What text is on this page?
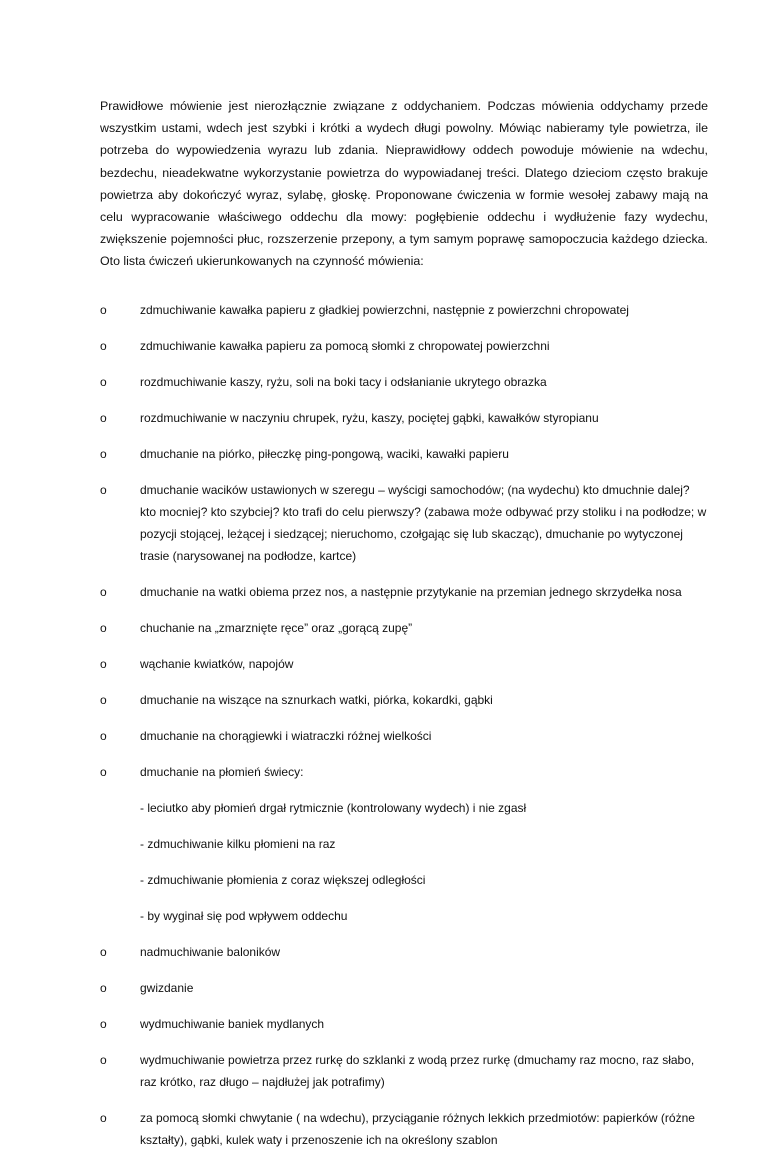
Prawidłowe mówienie jest nierozłącznie związane z oddychaniem. Podczas mówienia oddychamy przede wszystkim ustami, wdech jest szybki i krótki a wydech długi powolny. Mówiąc nabieramy tyle powietrza, ile potrzeba do wypowiedzenia wyrazu lub zdania. Nieprawidłowy oddech powoduje mówienie na wdechu, bezdechu, nieadekwatne wykorzystanie powietrza do wypowiadanej treści. Dlatego dzieciom często brakuje powietrza aby dokończyć wyraz, sylabę, głoskę. Proponowane ćwiczenia w formie wesołej zabawy mają na celu wypracowanie właściwego oddechu dla mowy: pogłębienie oddechu i wydłużenie fazy wydechu, zwiększenie pojemności płuc, rozszerzenie przepony, a tym samym poprawę samopoczucia każdego dziecka. Oto lista ćwiczeń ukierunkowanych na czynność mówienia:

o	zdmuchiwanie kawałka papieru z gładkiej powierzchni, następnie z powierzchni chropowatej
o	zdmuchiwanie kawałka papieru za pomocą słomki z chropowatej powierzchni
o	rozdmuchiwanie kaszy, ryżu, soli na boki tacy i odsłanianie ukrytego obrazka
o	rozdmuchiwanie w naczyniu chrupek, ryżu, kaszy, pociętej gąbki, kawałków styropianu
o	dmuchanie na piórko, piłeczkę ping-pongową, waciki, kawałki papieru
o	dmuchanie wacików ustawionych w szeregu – wyścigi samochodów; (na wydechu) kto dmuchnie dalej? kto mocniej? kto szybciej? kto trafi do celu pierwszy? (zabawa może odbywać przy stoliku i na podłodze; w pozycji stojącej, leżącej i siedzącej; nieruchomo, czołgając się lub skacząc), dmuchanie po wytyczonej trasie (narysowanej na podłodze, kartce)
o	dmuchanie na watki obiema przez nos, a następnie przytykanie na przemian jednego skrzydełka nosa
o	chuchanie na „zmarznięte ręce” oraz „gorącą zupę”
o	wąchanie kwiatków, napojów
o	dmuchanie na wiszące na sznurkach watki, piórka, kokardki, gąbki
o	dmuchanie na chorągiewki i wiatraczki różnej wielkości
o	dmuchanie na płomień świecy:
- leciutko aby płomień drgał rytmicznie (kontrolowany wydech) i nie zgasł
- zdmuchiwanie kilku płomieni na raz
- zdmuchiwanie płomienia z coraz większej odległości
- by wyginał się pod wpływem oddechu
o	nadmuchiwanie baloników
o	gwizdanie
o	wydmuchiwanie baniek mydlanych
o	wydmuchiwanie powietrza przez rurkę do szklanki z wodą przez rurkę (dmuchamy raz mocno, raz słabo, raz krótko, raz długo – najdłużej jak potrafimy)
o	za pomocą słomki chwytanie ( na wdechu), przyciąganie różnych lekkich przedmiotów: papierków (różne kształty), gąbki, kulek waty i przenoszenie ich na określony szablon
